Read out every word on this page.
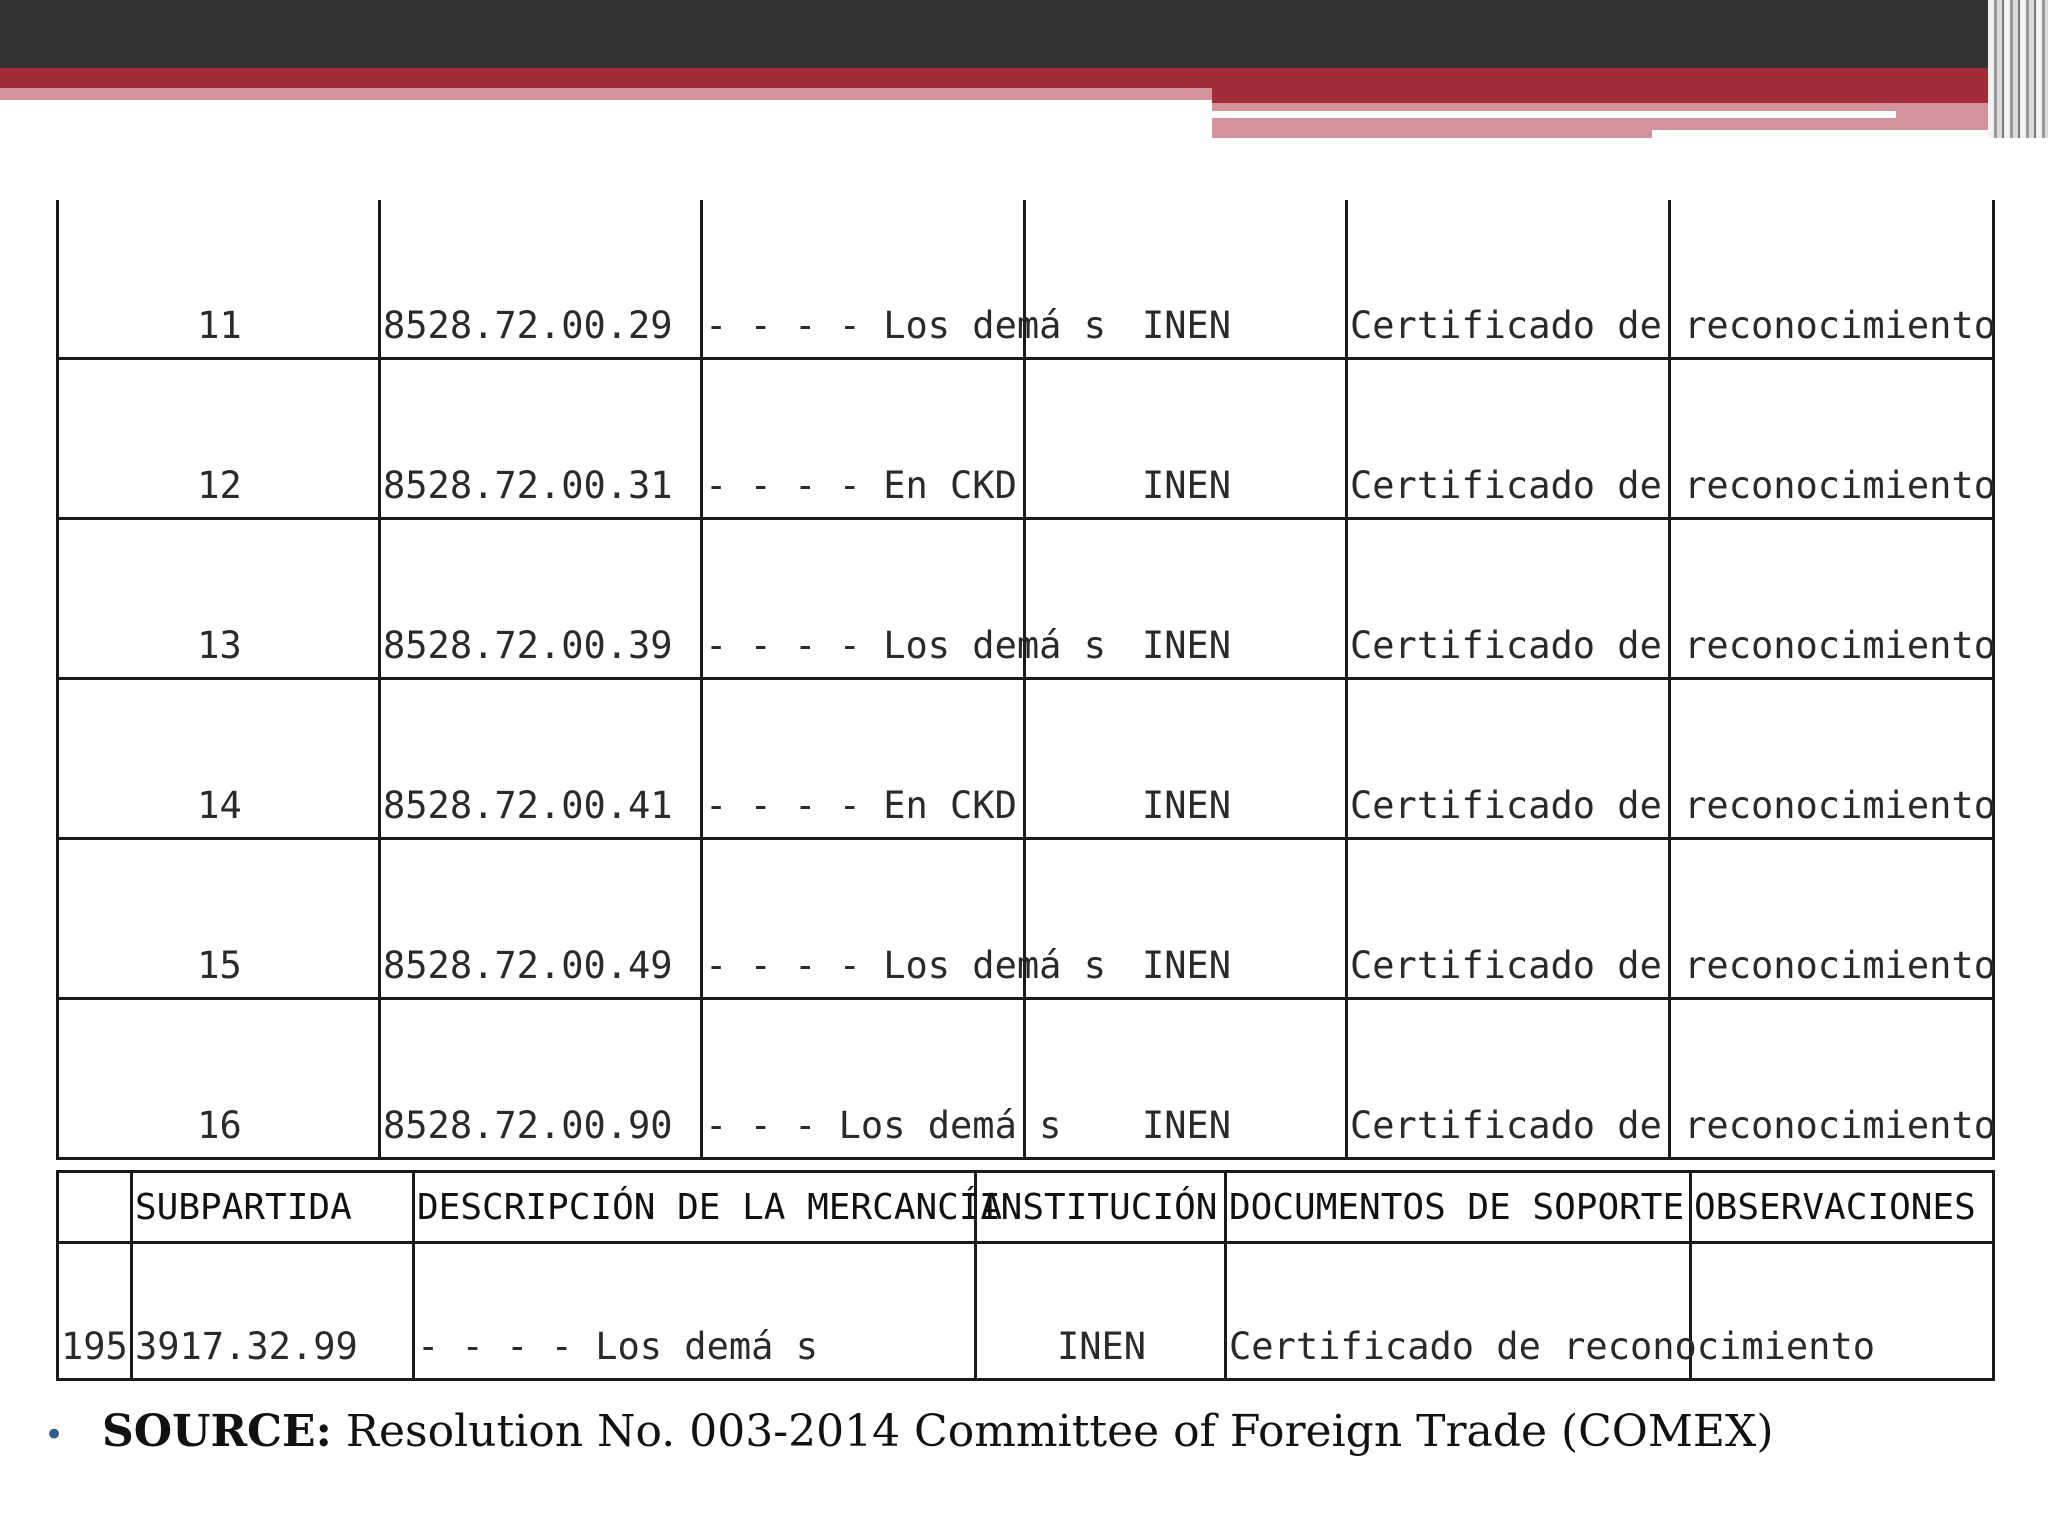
11	8528.72.00.29	- - - - Los demá s	INEN	Certificado de reconocimiento	
12	8528.72.00.31	- - - - En CKD	INEN	Certificado de reconocimiento	
13	8528.72.00.39	- - - - Los demá s	INEN	Certificado de reconocimiento	
14	8528.72.00.41	- - - - En CKD	INEN	Certificado de reconocimiento	
15	8528.72.00.49	- - - - Los demá s	INEN	Certificado de reconocimiento	
16	8528.72.00.90	- - - Los demá s	INEN	Certificado de reconocimiento	
	SUBPARTIDA	DESCRIPCIÓN DE LA MERCANCÍA	INSTITUCIÓN	DOCUMENTOS DE SOPORTE	OBSERVACIONES
195	3917.32.99	- - - - Los demá s	INEN	Certificado de reconocimiento	
• SOURCE: Resolution No. 003-2014 Committee of Foreign Trade (COMEX)
